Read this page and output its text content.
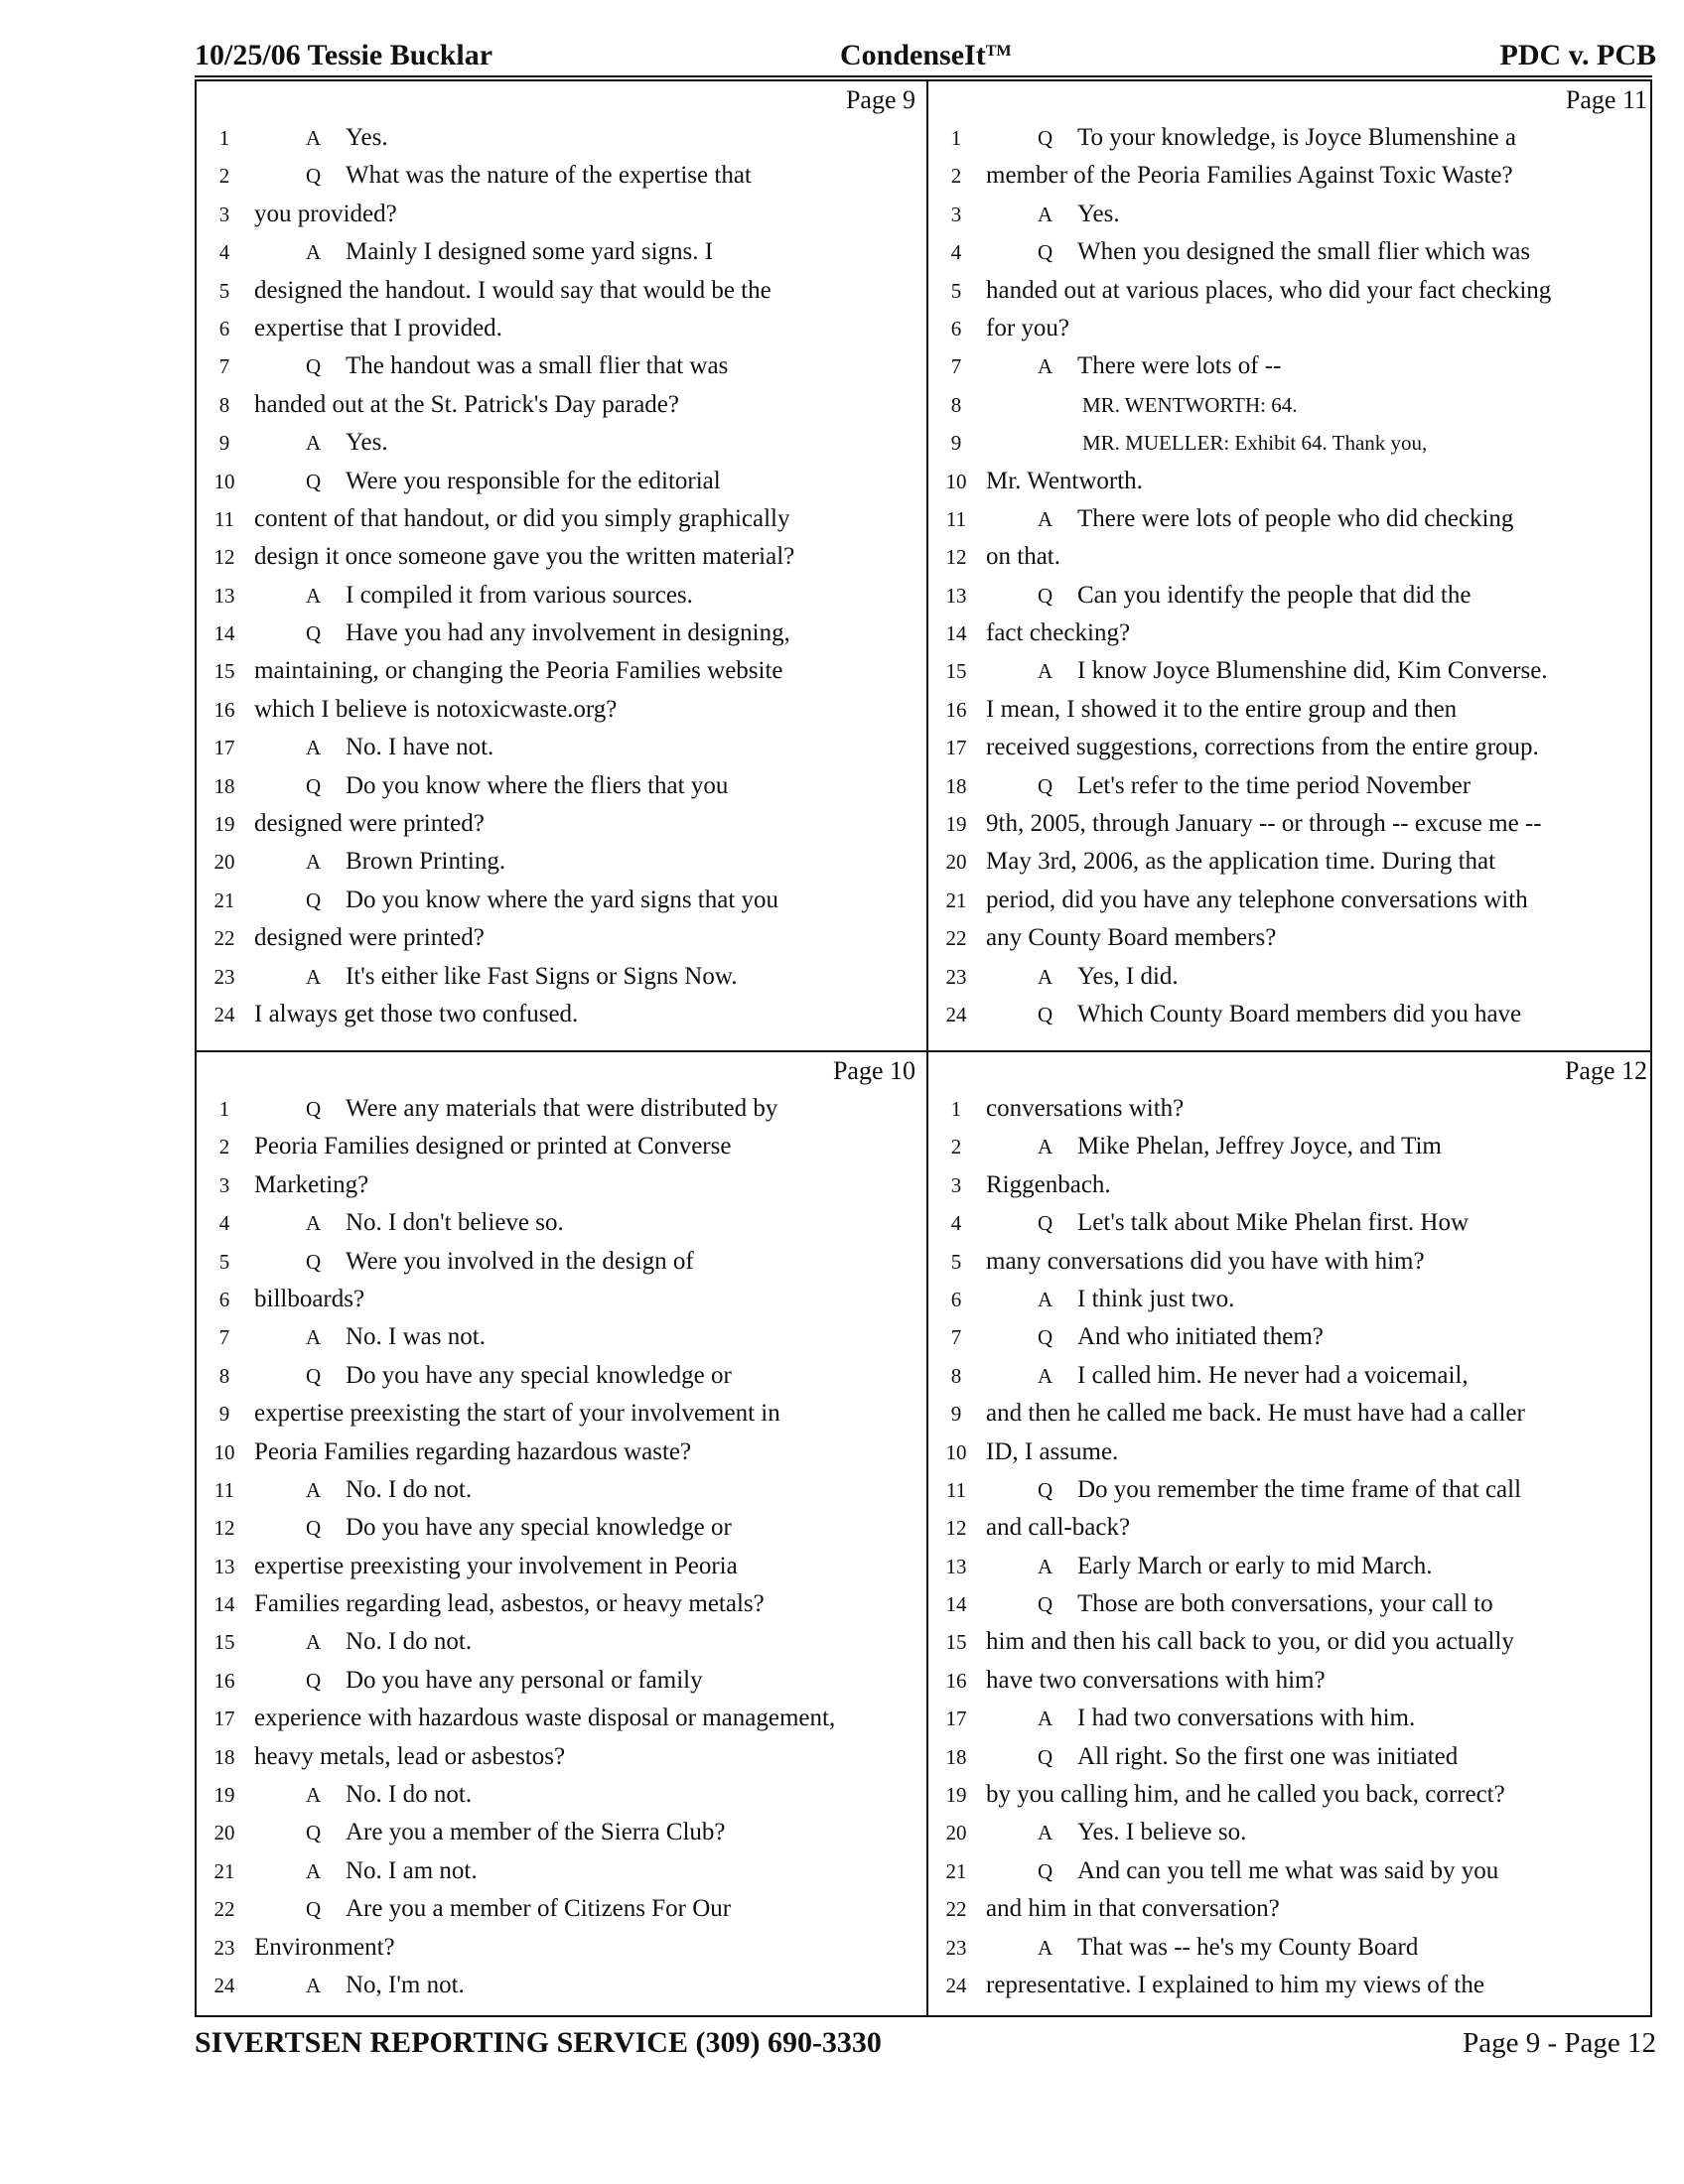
10/25/06 Tessie Bucklar	CondenseIt™	PDC v. PCB
Page 9
1	A Yes.
2	Q What was the nature of the expertise that
3 you provided?
4	A Mainly I designed some yard signs. I
5 designed the handout. I would say that would be the
6 expertise that I provided.
7	Q The handout was a small flier that was
8 handed out at the St. Patrick's Day parade?
9	A Yes.
10	Q Were you responsible for the editorial
11 content of that handout, or did you simply graphically
12 design it once someone gave you the written material?
13	A I compiled it from various sources.
14	Q Have you had any involvement in designing,
15 maintaining, or changing the Peoria Families website
16 which I believe is notoxicwaste.org?
17	A No. I have not.
18	Q Do you know where the fliers that you
19 designed were printed?
20	A Brown Printing.
21	Q Do you know where the yard signs that you
22 designed were printed?
23	A It's either like Fast Signs or Signs Now.
24 I always get those two confused.
Page 11
1	Q To your knowledge, is Joyce Blumenshine a
2 member of the Peoria Families Against Toxic Waste?
3	A Yes.
4	Q When you designed the small flier which was
5 handed out at various places, who did your fact checking
6 for you?
7	A There were lots of --
8	MR. WENTWORTH: 64.
9	MR. MUELLER: Exhibit 64. Thank you,
10 Mr. Wentworth.
11	A There were lots of people who did checking
12 on that.
13	Q Can you identify the people that did the
14 fact checking?
15	A I know Joyce Blumenshine did, Kim Converse.
16 I mean, I showed it to the entire group and then
17 received suggestions, corrections from the entire group.
18	Q Let's refer to the time period November
19 9th, 2005, through January -- or through -- excuse me --
20 May 3rd, 2006, as the application time. During that
21 period, did you have any telephone conversations with
22 any County Board members?
23	A Yes, I did.
24	Q Which County Board members did you have
Page 10
1	Q Were any materials that were distributed by
2 Peoria Families designed or printed at Converse
3 Marketing?
4	A No. I don't believe so.
5	Q Were you involved in the design of
6 billboards?
7	A No. I was not.
8	Q Do you have any special knowledge or
9 expertise preexisting the start of your involvement in
10 Peoria Families regarding hazardous waste?
11	A No. I do not.
12	Q Do you have any special knowledge or
13 expertise preexisting your involvement in Peoria
14 Families regarding lead, asbestos, or heavy metals?
15	A No. I do not.
16	Q Do you have any personal or family
17 experience with hazardous waste disposal or management,
18 heavy metals, lead or asbestos?
19	A No. I do not.
20	Q Are you a member of the Sierra Club?
21	A No. I am not.
22	Q Are you a member of Citizens For Our
23 Environment?
24	A No, I'm not.
Page 12
1 conversations with?
2	A Mike Phelan, Jeffrey Joyce, and Tim
3 Riggenbach.
4	Q Let's talk about Mike Phelan first. How
5 many conversations did you have with him?
6	A I think just two.
7	Q And who initiated them?
8	A I called him. He never had a voicemail,
9 and then he called me back. He must have had a caller
10 ID, I assume.
11	Q Do you remember the time frame of that call
12 and call-back?
13	A Early March or early to mid March.
14	Q Those are both conversations, your call to
15 him and then his call back to you, or did you actually
16 have two conversations with him?
17	A I had two conversations with him.
18	Q All right. So the first one was initiated
19 by you calling him, and he called you back, correct?
20	A Yes. I believe so.
21	Q And can you tell me what was said by you
22 and him in that conversation?
23	A That was -- he's my County Board
24 representative. I explained to him my views of the
SIVERTSEN REPORTING SERVICE (309) 690-3330	Page 9 - Page 12
